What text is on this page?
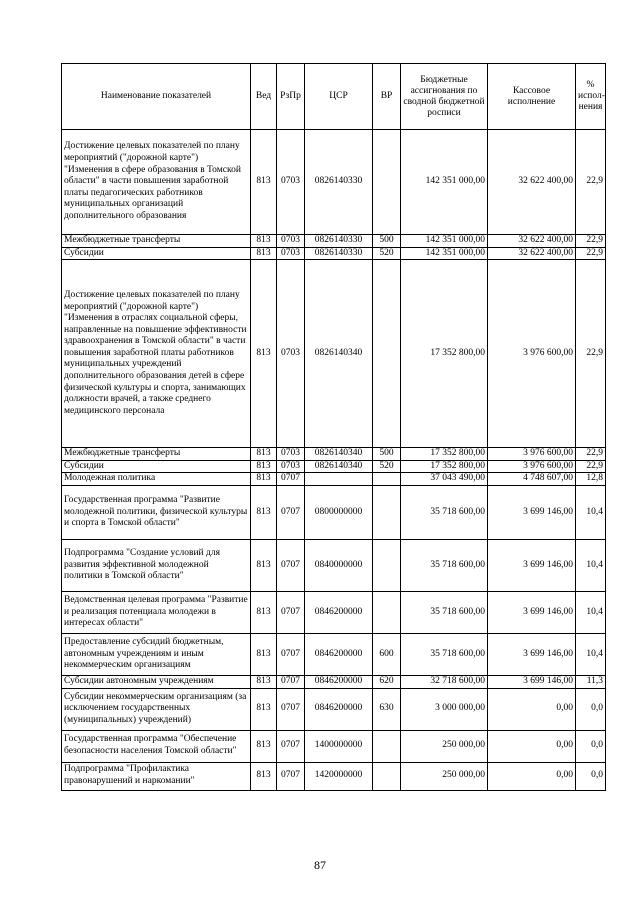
Наименование показателей	Вед	РзПр	ЦСР	ВР	Бюджетные ассигнования по сводной бюджетной росписи	Кассовое исполнение	% испол- нения
Достижение целевых показателей по плану мероприятий ("дорожной карте") "Изменения в сфере образования в Томской области" в части повышения заработной платы педагогических работников муниципальных организаций дополнительного образования	813	0703	0826140330		142 351 000,00	32 622 400,00	22,9
Межбюджетные трансферты	813	0703	0826140330	500	142 351 000,00	32 622 400,00	22,9
Субсидии	813	0703	0826140330	520	142 351 000,00	32 622 400,00	22,9
Достижение целевых показателей по плану мероприятий ("дорожной карте") "Изменения в отраслях социальной сферы, направленные на повышение эффективности здравоохранения в Томской области" в части повышения заработной платы работников муниципальных учреждений дополнительного образования детей в сфере физической культуры и спорта, занимающих должности врачей, а также среднего медицинского персонала	813	0703	0826140340		17 352 800,00	3 976 600,00	22,9
Межбюджетные трансферты	813	0703	0826140340	500	17 352 800,00	3 976 600,00	22,9
Субсидии	813	0703	0826140340	520	17 352 800,00	3 976 600,00	22,9
Молодежная политика	813	0707			37 043 490,00	4 748 607,00	12,8
Государственная программа "Развитие молодежной политики, физической культуры и спорта в Томской области"	813	0707	0800000000		35 718 600,00	3 699 146,00	10,4
Подпрограмма "Создание условий для развития эффективной молодежной политики в Томской области"	813	0707	0840000000		35 718 600,00	3 699 146,00	10,4
Ведомственная целевая программа "Развитие и реализация потенциала молодежи в интересах области"	813	0707	0846200000		35 718 600,00	3 699 146,00	10,4
Предоставление субсидий бюджетным, автономным учреждениям и иным некоммерческим организациям	813	0707	0846200000	600	35 718 600,00	3 699 146,00	10,4
Субсидии автономным учреждениям	813	0707	0846200000	620	32 718 600,00	3 699 146,00	11,3
Субсидии некоммерческим организациям (за исключением государственных (муниципальных) учреждений)	813	0707	0846200000	630	3 000 000,00	0,00	0,0
Государственная программа "Обеспечение безопасности населения Томской области"	813	0707	1400000000		250 000,00	0,00	0,0
Подпрограмма "Профилактика правонарушений и наркомании"	813	0707	1420000000		250 000,00	0,00	0,0
87
